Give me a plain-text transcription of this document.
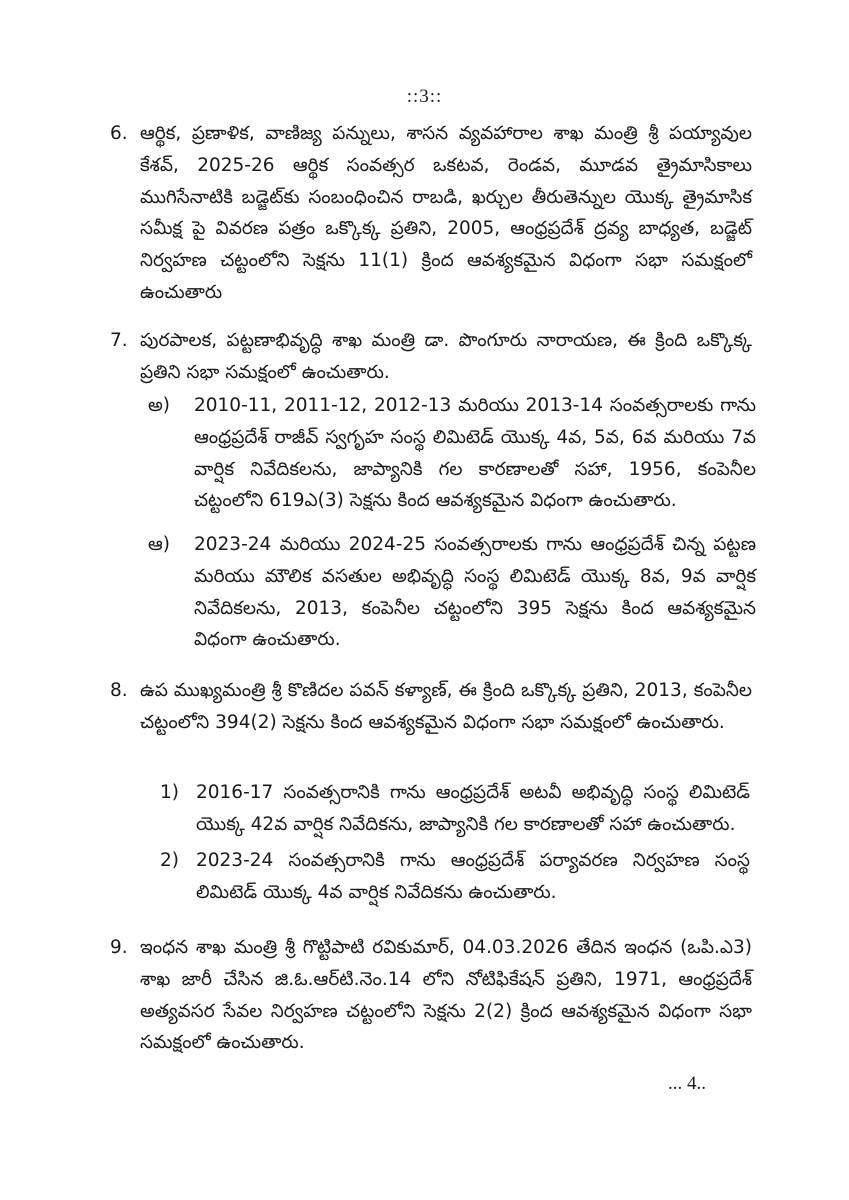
::3::
6. ఆర్థిక, ప్రణాళిక, వాణిజ్య పన్నులు, శాసన వ్యవహారాల శాఖ మంత్రి శ్రీ పయ్యావుల కేశవ్, 2025-26 ఆర్థిక సంవత్సర ఒకటవ, రెండవ, మూడవ త్రైమాసికాలు ముగిసేనాటికి బడ్జెట్‌కు సంబంధించిన రాబడి, ఖర్చుల తీరుతెన్నుల యొక్క త్రైమాసిక సమీక్ష పై వివరణ పత్రం ఒక్కొక్క ప్రతిని, 2005, ఆంధ్రప్రదేశ్ ద్రవ్య బాధ్యత, బడ్జెట్ నిర్వహణ చట్టంలోని సెక్షను 11(1) క్రింద ఆవశ్యకమైన విధంగా సభా సమక్షంలో ఉంచుతారు

7. పురపాలక, పట్టణాభివృద్ధి శాఖ మంత్రి డా. పొంగూరు నారాయణ, ఈ క్రింది ఒక్కొక్క ప్రతిని సభా సమక్షంలో ఉంచుతారు.

అ) 2010-11, 2011-12, 2012-13 మరియు 2013-14 సంవత్సరాలకు గాను ఆంధ్రప్రదేశ్ రాజీవ్ స్వగృహ సంస్థ లిమిటెడ్ యొక్క 4వ, 5వ, 6వ మరియు 7వ వార్షిక నివేదికలను, జాప్యానికి గల కారణాలతో సహా, 1956, కంపెనీల చట్టంలోని 619ఎ(3) సెక్షను కింద ఆవశ్యకమైన విధంగా ఉంచుతారు.

ఆ) 2023-24 మరియు 2024-25 సంవత్సరాలకు గాను ఆంధ్రప్రదేశ్ చిన్న పట్టణ మరియు మౌలిక వసతుల అభివృద్ధి సంస్థ లిమిటెడ్ యొక్క 8వ, 9వ వార్షిక నివేదికలను, 2013, కంపెనీల చట్టంలోని 395 సెక్షను కింద ఆవశ్యకమైన విధంగా ఉంచుతారు.

8. ఉప ముఖ్యమంత్రి శ్రీ కొణిదల పవన్ కళ్యాణ్, ఈ క్రింది ఒక్కొక్క ప్రతిని, 2013, కంపెనీల చట్టంలోని 394(2) సెక్షను కింద ఆవశ్యకమైన విధంగా సభా సమక్షంలో ఉంచుతారు.

1) 2016-17 సంవత్సరానికి గాను ఆంధ్రప్రదేశ్ అటవీ అభివృద్ధి సంస్థ లిమిటెడ్ యొక్క 42వ వార్షిక నివేదికను, జాప్యానికి గల కారణాలతో సహా ఉంచుతారు.

2) 2023-24 సంవత్సరానికి గాను ఆంధ్రప్రదేశ్ పర్యావరణ నిర్వహణ సంస్థ లిమిటెడ్ యొక్క 4వ వార్షిక నివేదికను ఉంచుతారు.

9. ఇంధన శాఖ మంత్రి శ్రీ గొట్టిపాటి రవికుమార్, 04.03.2026 తేదిన ఇంధన (ఒపి.ఎ3) శాఖ జారీ చేసిన జి.ఓ.ఆర్‌టి.నెం.14 లోని నోటిఫికేషన్ ప్రతిని, 1971, ఆంధ్రప్రదేశ్ అత్యవసర సేవల నిర్వహణ చట్టంలోని సెక్షను 2(2) క్రింద ఆవశ్యకమైన విధంగా సభా సమక్షంలో ఉంచుతారు.

... 4..
